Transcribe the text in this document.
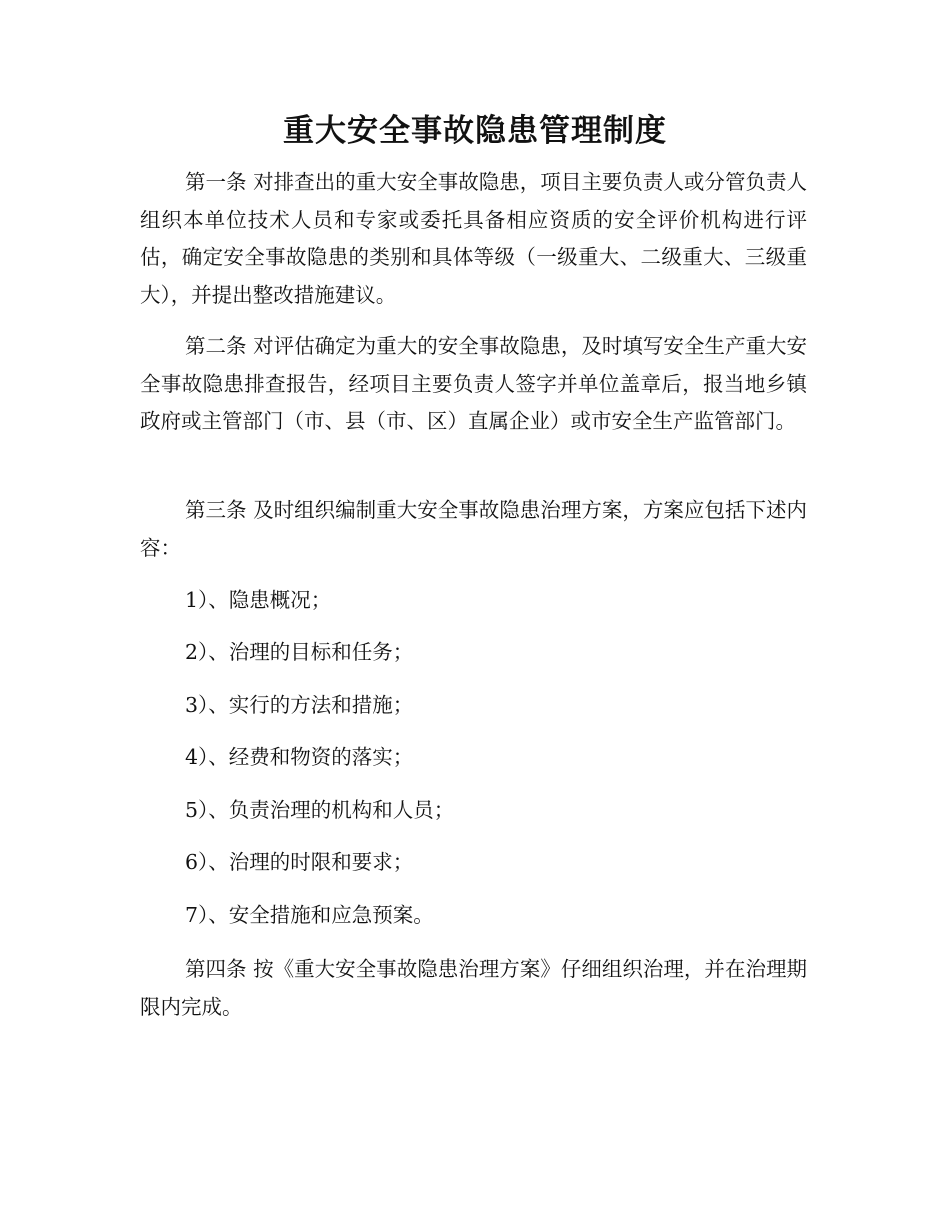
重大安全事故隐患管理制度

第一条 对排查出的重大安全事故隐患，项目主要负责人或分管负责人组织本单位技术人员和专家或委托具备相应资质的安全评价机构进行评估，确定安全事故隐患的类别和具体等级（一级重大、二级重大、三级重大），并提出整改措施建议。

第二条 对评估确定为重大的安全事故隐患，及时填写安全生产重大安全事故隐患排查报告，经项目主要负责人签字并单位盖章后，报当地乡镇政府或主管部门（市、县（市、区）直属企业）或市安全生产监管部门。

第三条 及时组织编制重大安全事故隐患治理方案，方案应包括下述内容：

1）、隐患概况；

2）、治理的目标和任务；

3）、实行的方法和措施；

4）、经费和物资的落实；

5）、负责治理的机构和人员；

6）、治理的时限和要求；

7）、安全措施和应急预案。

第四条 按《重大安全事故隐患治理方案》仔细组织治理，并在治理期限内完成。
